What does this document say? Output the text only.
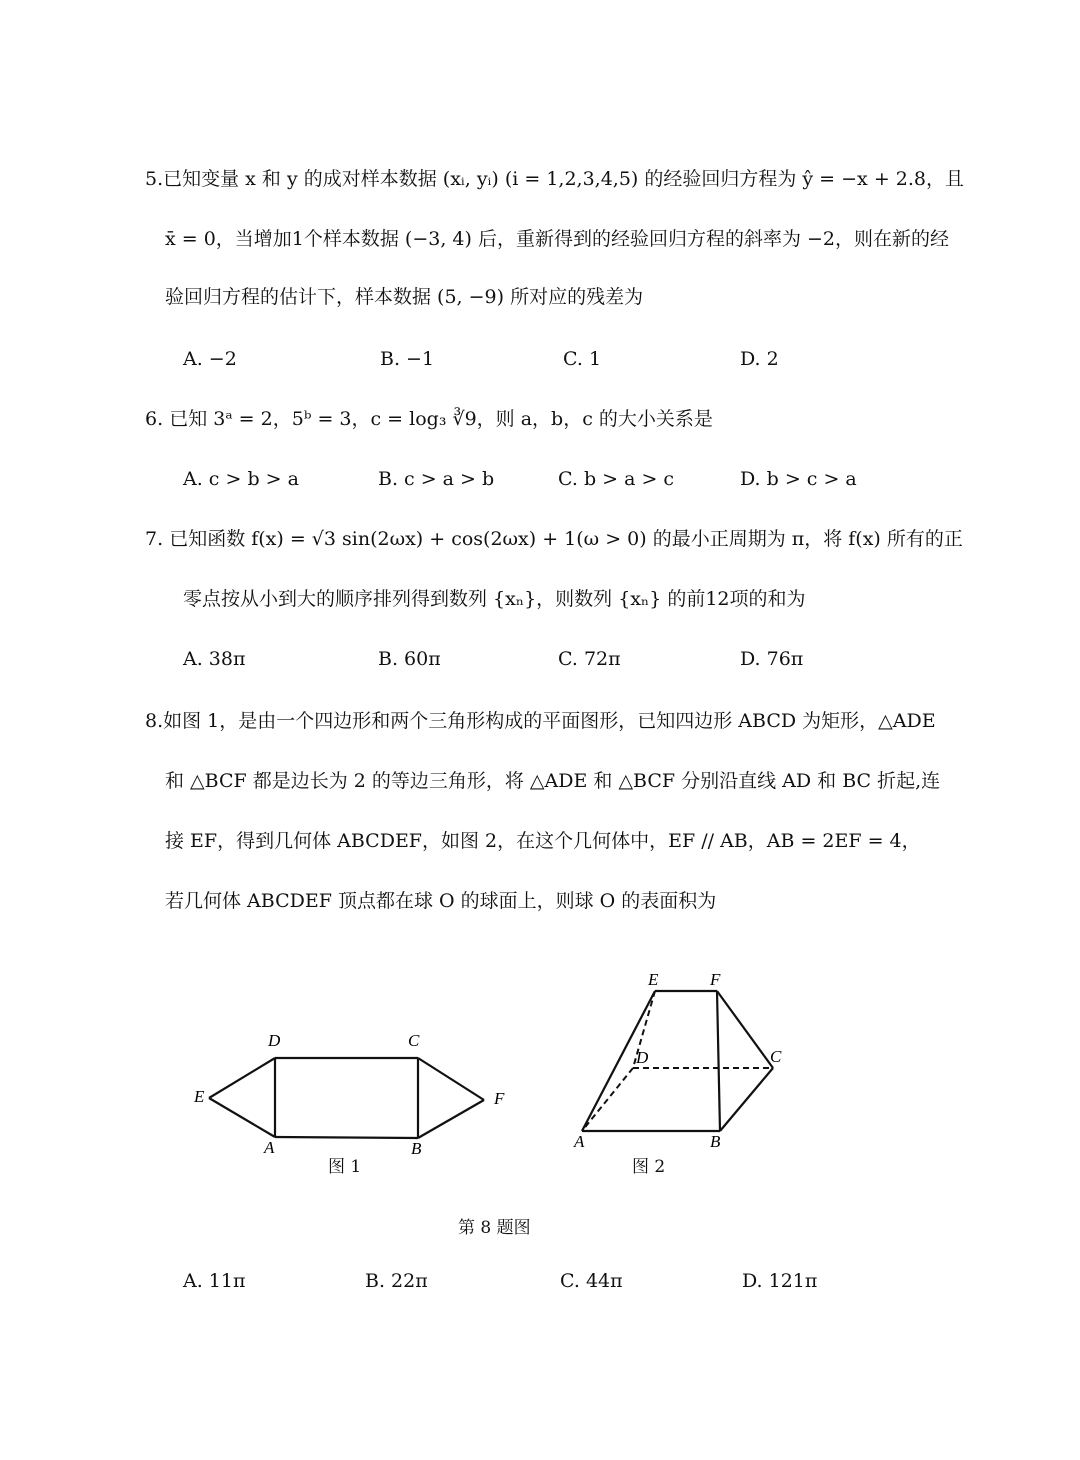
5.已知变量 x 和 y 的成对样本数据 (xᵢ, yᵢ) (i = 1,2,3,4,5) 的经验回归方程为 ŷ = −x + 2.8，且
x̄ = 0，当增加1个样本数据 (−3, 4) 后，重新得到的经验回归方程的斜率为 −2，则在新的经
验回归方程的估计下，样本数据 (5, −9) 所对应的残差为
A. −2	B. −1	C. 1	D. 2
6. 已知 3ᵃ = 2，5ᵇ = 3，c = log₃ ∛9，则 a，b，c 的大小关系是
A. c > b > a	B. c > a > b	C. b > a > c	D. b > c > a
7. 已知函数 f(x) = √3 sin(2ωx) + cos(2ωx) + 1(ω > 0) 的最小正周期为 π，将 f(x) 所有的正
零点按从小到大的顺序排列得到数列 {xₙ}，则数列 {xₙ} 的前12项的和为
A. 38π	B. 60π	C. 72π	D. 76π
8.如图 1，是由一个四边形和两个三角形构成的平面图形，已知四边形 ABCD 为矩形，△ADE
和 △BCF 都是边长为 2 的等边三角形，将 △ADE 和 △BCF 分别沿直线 AD 和 BC 折起,连
接 EF，得到几何体 ABCDEF，如图 2，在这个几何体中，EF // AB，AB = 2EF = 4，
若几何体 ABCDEF 顶点都在球 O 的球面上，则球 O 的表面积为
D	C
E	F
A	B
图 1
E	F
D	C
A	B
图 2
第 8 题图
A. 11π	B. 22π	C. 44π	D. 121π
